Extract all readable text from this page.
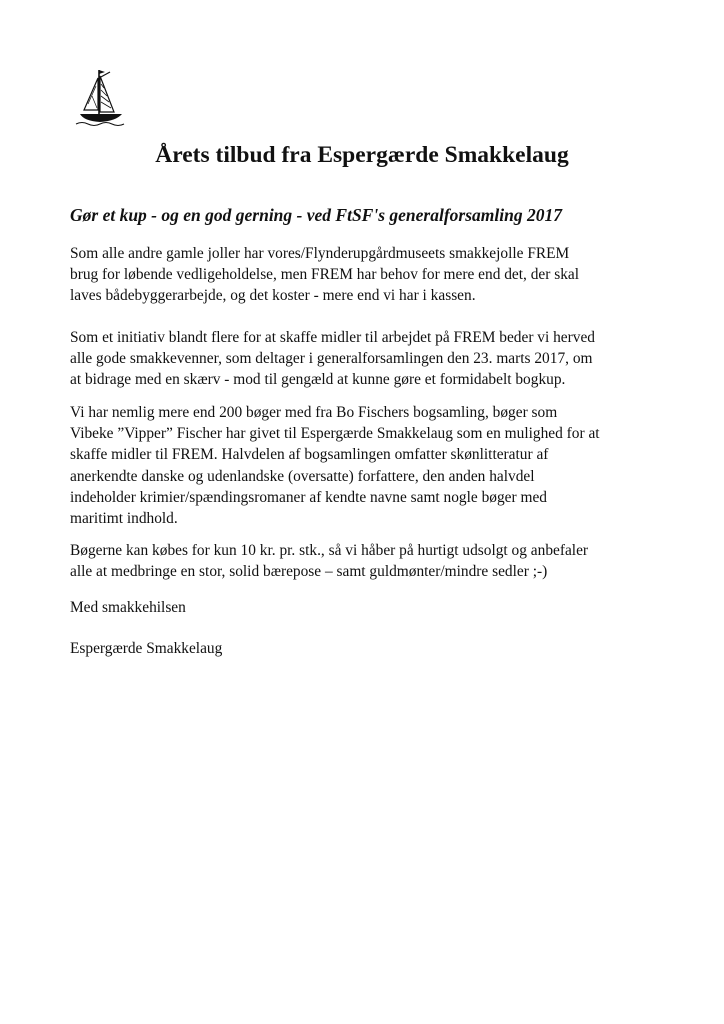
Årets tilbud fra Espergærde Smakkelaug
Gør et kup - og en god gerning - ved FtSF's generalforsamling 2017

Som alle andre gamle joller har vores/Flynderupgårdmuseets smakkejolle FREM
brug for løbende vedligeholdelse, men FREM har behov for mere end det, der skal
laves bådebyggerarbejde, og det koster - mere end vi har i kassen.

Som et initiativ blandt flere for at skaffe midler til arbejdet på FREM beder vi herved
alle gode smakkevenner, som deltager i generalforsamlingen den 23. marts 2017, om
at bidrage med en skærv - mod til gengæld at kunne gøre et formidabelt bogkup.

Vi har nemlig mere end 200 bøger med fra Bo Fischers bogsamling, bøger som
Vibeke ”Vipper” Fischer har givet til Espergærde Smakkelaug som en mulighed for at
skaffe midler til FREM. Halvdelen af bogsamlingen omfatter skønlitteratur af
anerkendte danske og udenlandske (oversatte) forfattere, den anden halvdel
indeholder krimier/spændingsromaner af kendte navne samt nogle bøger med
maritimt indhold.

Bøgerne kan købes for kun 10 kr. pr. stk., så vi håber på hurtigt udsolgt og anbefaler
alle at medbringe en stor, solid bærepose – samt guldmønter/mindre sedler ;-)

Med smakkehilsen

Espergærde Smakkelaug
